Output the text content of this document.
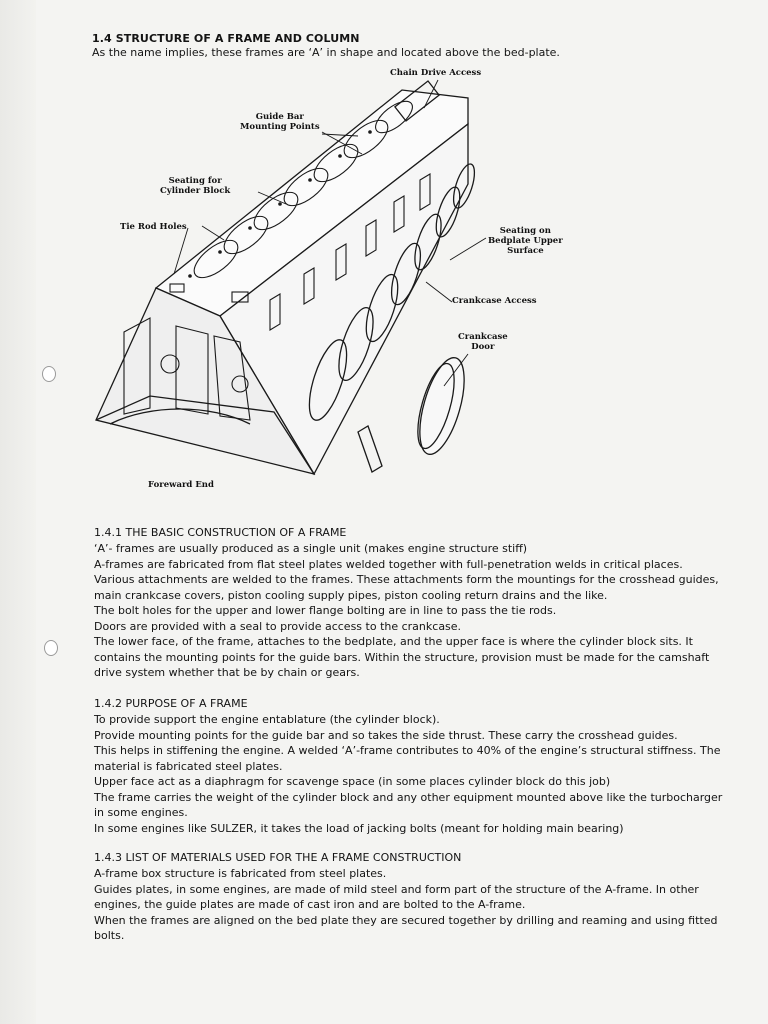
1.4 STRUCTURE OF A FRAME AND COLUMN
As the name implies, these frames are ‘A’ in shape and located above the bed-plate.
Chain Drive Access
Guide Bar
Mounting Points
Seating for
Cylinder Block
Tie Rod Holes	Seating on
Bedplate Upper
Surface
Crankcase Access
Crankcase
Door
Foreward End
1.4.1 THE BASIC CONSTRUCTION OF A FRAME
‘A’- frames are usually produced as a single unit (makes engine structure stiff)
A-frames are fabricated from flat steel plates welded together with full-penetration welds in critical places.
Various attachments are welded to the frames. These attachments form the mountings for the crosshead guides,
main crankcase covers, piston cooling supply pipes, piston cooling return drains and the like.
The bolt holes for the upper and lower flange bolting are in line to pass the tie rods.
Doors are provided with a seal to provide access to the crankcase.
The lower face, of the frame, attaches to the bedplate, and the upper face is where the cylinder block sits. It
contains the mounting points for the guide bars. Within the structure, provision must be made for the camshaft
drive system whether that be by chain or gears.
1.4.2 PURPOSE OF A FRAME
To provide support the engine entablature (the cylinder block).
Provide mounting points for the guide bar and so takes the side thrust. These carry the crosshead guides.
This helps in stiffening the engine. A welded ‘A’-frame contributes to 40% of the engine’s structural stiffness. The
material is fabricated steel plates.
Upper face act as a diaphragm for scavenge space (in some places cylinder block do this job)
The frame carries the weight of the cylinder block and any other equipment mounted above like the turbocharger
in some engines.
In some engines like SULZER, it takes the load of jacking bolts (meant for holding main bearing)
1.4.3 LIST OF MATERIALS USED FOR THE A FRAME CONSTRUCTION
A-frame box structure is fabricated from steel plates.
Guides plates, in some engines, are made of mild steel and form part of the structure of the A-frame. In other
engines, the guide plates are made of cast iron and are bolted to the A-frame.
When the frames are aligned on the bed plate they are secured together by drilling and reaming and using fitted
bolts.
